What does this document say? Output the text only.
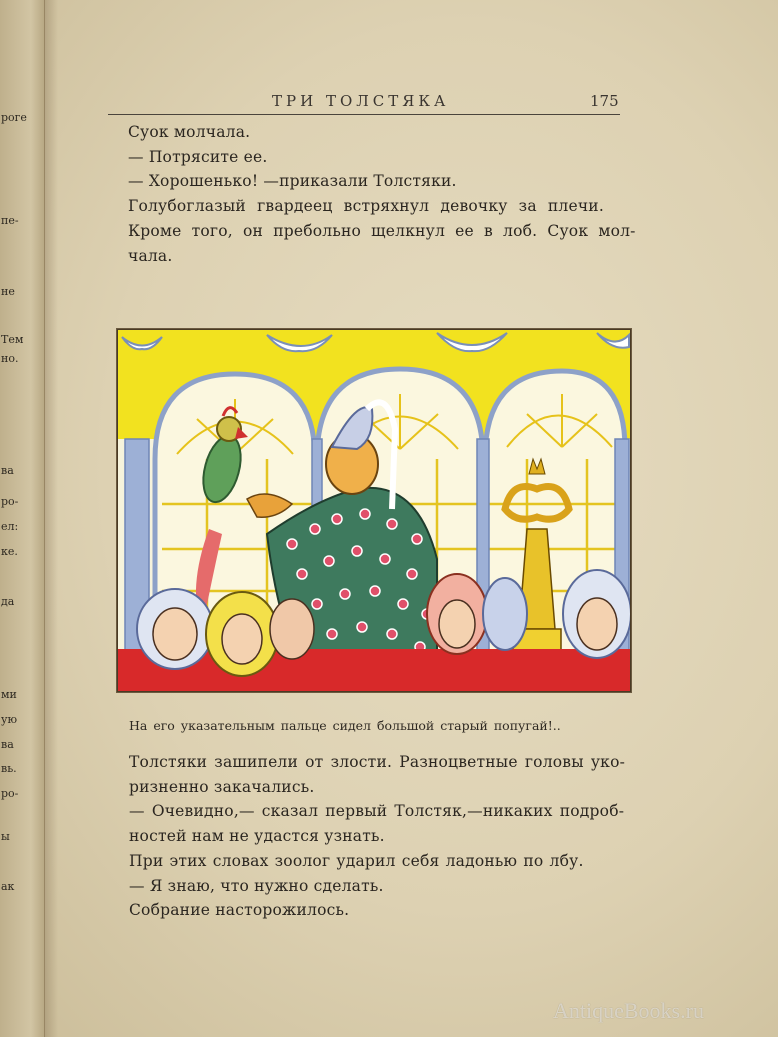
роге
пе-
не
Тем
но.
ва
ро-
ел:
ке.
да
ми
ую
ва
вь.
ро-
ы
ак
ТРИ ТОЛСТЯКА	175

Суок молчала.

— Потрясите ее.

— Хорошенько! —приказали Толстяки.

Голубоглазый гвардеец встряхнул девочку за плечи.

Кроме того, он пребольно щелкнул ее в лоб. Суок мол-

чала.

На его указательным пальце сидел большой старый попугай!..

Толстяки зашипели от злости. Разноцветные головы уко-

ризненно закачались.

— Очевидно,— сказал первый Толстяк,—никаких подроб-

ностей нам не удастся узнать.

При этих словах зоолог ударил себя ладонью по лбу.

— Я знаю, что нужно сделать.

Собрание насторожилось.

AntiqueBooks.ru
